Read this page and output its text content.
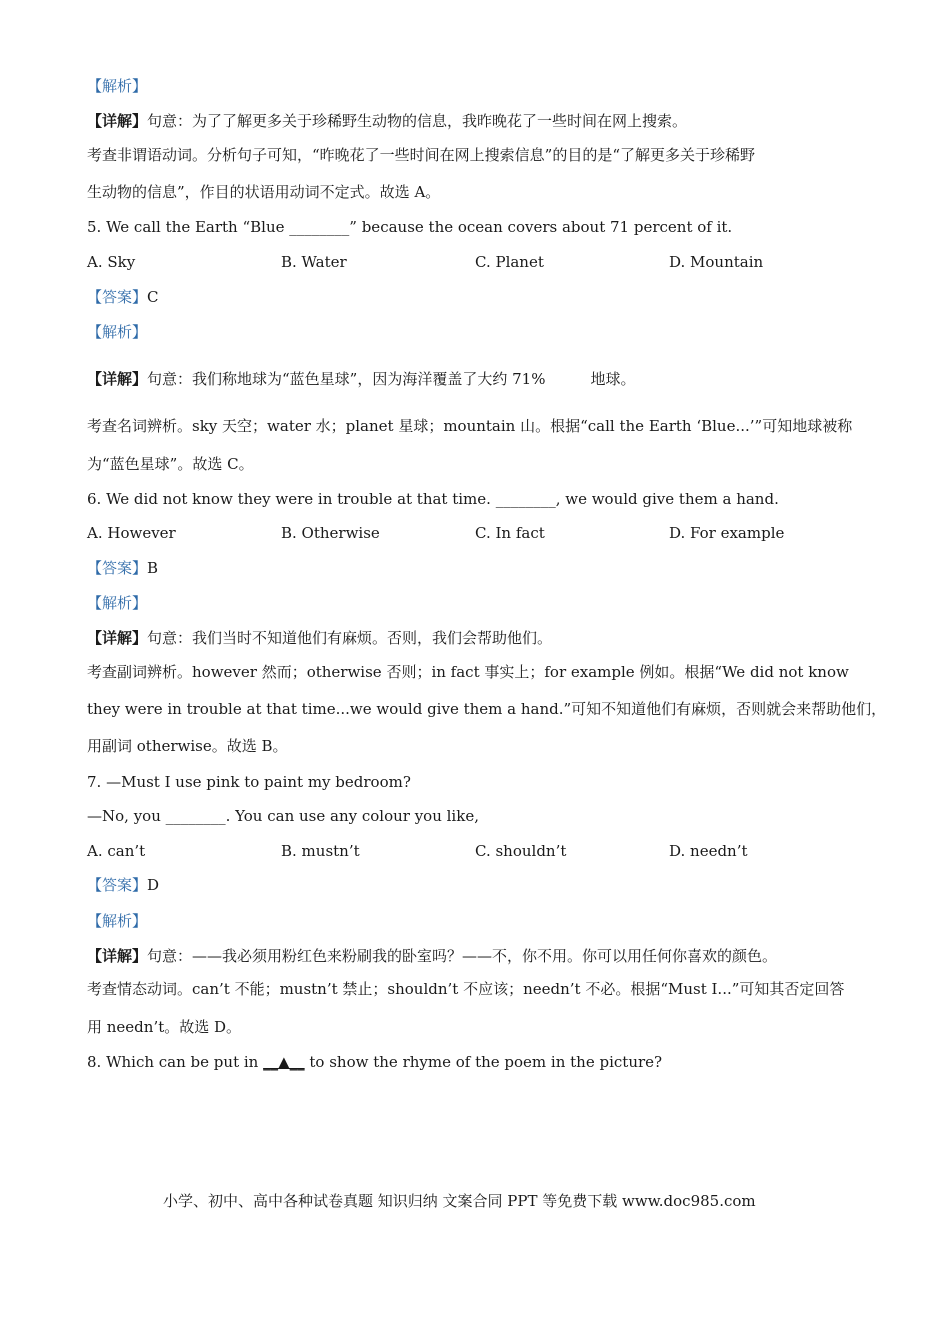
【解析】
【详解】句意：为了了解更多关于珍稀野生动物的信息，我昨晚花了一些时间在网上搜索。
考查非谓语动词。分析句子可知，“昨晚花了一些时间在网上搜索信息”的目的是“了解更多关于珍稀野
生动物的信息”，作目的状语用动词不定式。故选 A。
5. We call the Earth “Blue ________” because the ocean covers about 71 percent of it.
A. Sky	B. Water	C. Planet	D. Mountain
【答案】C
【解析】
【详解】句意：我们称地球为“蓝色星球”，因为海洋覆盖了大约 71%　　　地球。
考查名词辨析。sky 天空；water 水；planet 星球；mountain 山。根据“call the Earth ‘Blue...’”可知地球被称
为“蓝色星球”。故选 C。
6. We did not know they were in trouble at that time. ________, we would give them a hand.
A. However	B. Otherwise	C. In fact	D. For example
【答案】B
【解析】
【详解】句意：我们当时不知道他们有麻烦。否则，我们会帮助他们。
考查副词辨析。however 然而；otherwise 否则；in fact 事实上；for example 例如。根据“We did not know
they were in trouble at that time...we would give them a hand.”可知不知道他们有麻烦，否则就会来帮助他们，
用副词 otherwise。故选 B。
7. —Must I use pink to paint my bedroom?
—No, you ________. You can use any colour you like,
A. can’t	B. mustn’t	C. shouldn’t	D. needn’t
【答案】D
【解析】
【详解】句意：——我必须用粉红色来粉刷我的卧室吗？——不，你不用。你可以用任何你喜欢的颜色。
考查情态动词。can’t 不能；mustn’t 禁止；shouldn’t 不应该；needn’t 不必。根据“Must I...”可知其否定回答
用 needn’t。故选 D。
8. Which can be put in __▲__ to show the rhyme of the poem in the picture?
小学、初中、高中各种试卷真题 知识归纳 文案合同 PPT 等免费下载 www.doc985.com
